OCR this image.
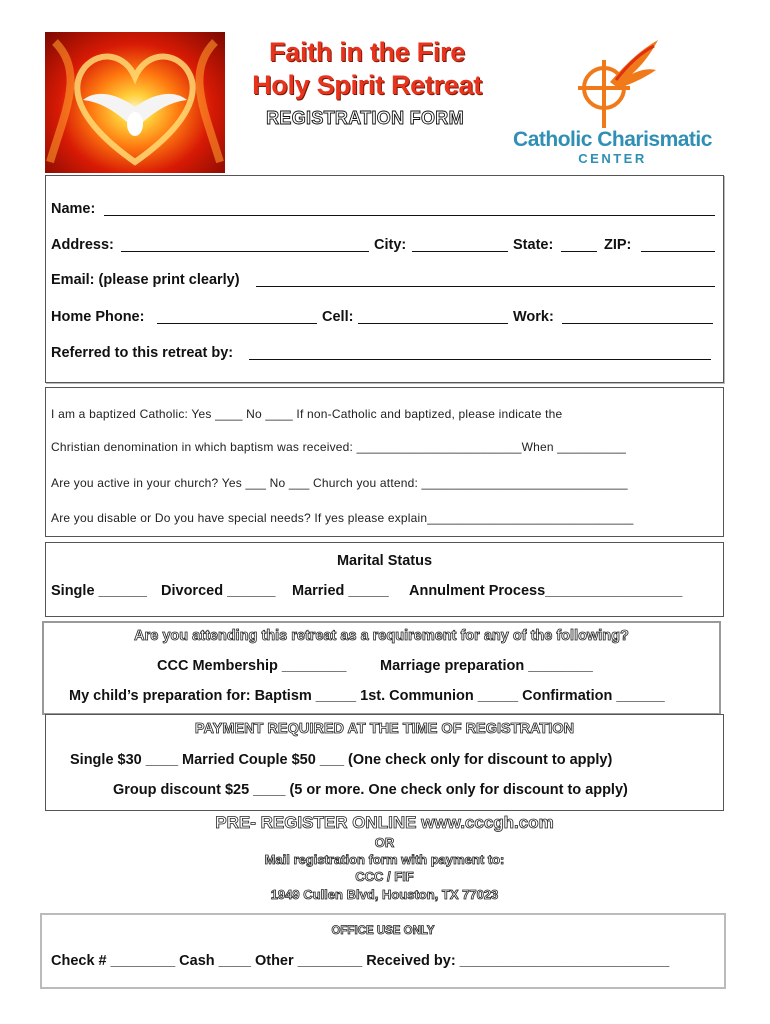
Faith in the Fire
Holy Spirit Retreat
REGISTRATION FORM
Catholic Charismatic
CENTER
Name:
Address:	City:	State:	ZIP:
Email: (please print clearly)
Home Phone:	Cell:	Work:
Referred to this retreat by:
I am a baptized Catholic: Yes ____ No ____ If non-Catholic and baptized, please indicate the
Christian denomination in which baptism was received: ________________________When __________
Are you active in your church? Yes ___ No ___ Church you attend: ______________________________
Are you disable or Do you have special needs? If yes please explain______________________________
Marital Status
Single ______ Divorced ______ Married _____ Annulment Process_________________
Are you attending this retreat as a requirement for any of the following?
CCC Membership ________ Marriage preparation ________
My child’s preparation for: Baptism _____ 1st. Communion _____ Confirmation ______
PAYMENT REQUIRED AT THE TIME OF REGISTRATION
Single $30 ____ Married Couple $50 ___ (One check only for discount to apply)
Group discount $25 ____ (5 or more. One check only for discount to apply)
PRE- REGISTER ONLINE www.cccgh.com
OR
Mail registration form with payment to:
CCC / FIF
1949 Cullen Blvd, Houston, TX 77023
OFFICE USE ONLY
Check # ________ Cash ____ Other ________ Received by: __________________________
